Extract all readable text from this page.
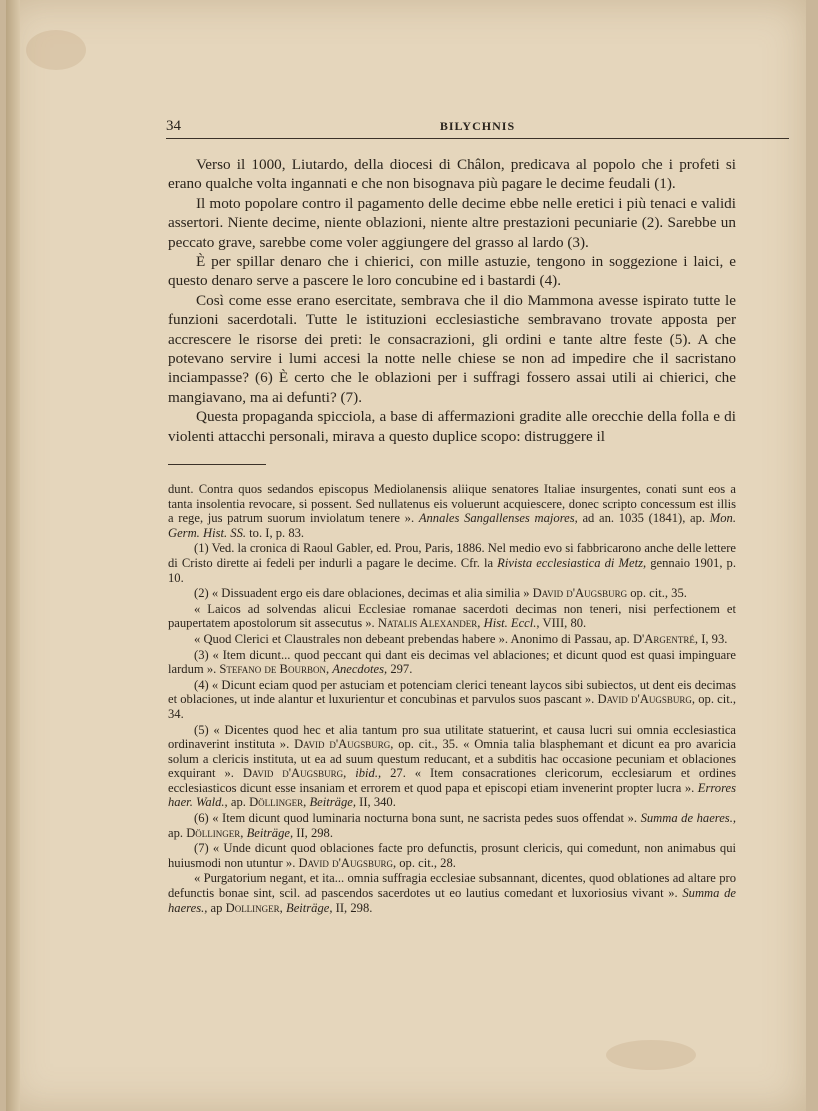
34	BILYCHNIS

Verso il 1000, Liutardo, della diocesi di Châlon, predicava al popolo che i profeti si erano qualche volta ingannati e che non bisognava più pagare le decime feudali (1).

Il moto popolare contro il pagamento delle decime ebbe nelle eretici i più tenaci e validi assertori. Niente decime, niente oblazioni, niente altre prestazioni pecuniarie (2). Sarebbe un peccato grave, sarebbe come voler aggiungere del grasso al lardo (3).

È per spillar denaro che i chierici, con mille astuzie, tengono in soggezione i laici, e questo denaro serve a pascere le loro concubine ed i bastardi (4).

Così come esse erano esercitate, sembrava che il dio Mammona avesse ispirato tutte le funzioni sacerdotali. Tutte le istituzioni ecclesiastiche sembravano trovate apposta per accrescere le risorse dei preti: le consacrazioni, gli ordini e tante altre feste (5). A che potevano servire i lumi accesi la notte nelle chiese se non ad impedire che il sacristano inciampasse? (6) È certo che le oblazioni per i suffragi fossero assai utili ai chierici, che mangiavano, ma ai defunti? (7).

Questa propaganda spicciola, a base di affermazioni gradite alle orecchie della folla e di violenti attacchi personali, mirava a questo duplice scopo: distruggere il

dunt. Contra quos sedandos episcopus Mediolanensis aliique senatores Italiae insurgentes, conati sunt eos a tanta insolentia revocare, si possent. Sed nullatenus eis voluerunt acquiescere, donec scripto concessum est illis a rege, jus patrum suorum inviolatum tenere ». Annales Sangallenses majores, ad an. 1035 (1841), ap. Mon. Germ. Hist. SS. to. I, p. 83.

(1) Ved. la cronica di Raoul Gabler, ed. Prou, Paris, 1886. Nel medio evo si fabbricarono anche delle lettere di Cristo dirette ai fedeli per indurli a pagare le decime. Cfr. la Rivista ecclesiastica di Metz, gennaio 1901, p. 10.

(2) « Dissuadent ergo eis dare oblaciones, decimas et alia similia » David d'Augsburg op. cit., 35.

« Laicos ad solvendas alicui Ecclesiae romanae sacerdoti decimas non teneri, nisi perfectionem et paupertatem apostolorum sit assecutus ». Natalis Alexander, Hist. Eccl., VIII, 80.

« Quod Clerici et Claustrales non debeant prebendas habere ». Anonimo di Passau, ap. D'Argentré, I, 93.

(3) « Item dicunt... quod peccant qui dant eis decimas vel ablaciones; et dicunt quod est quasi impinguare lardum ». Stefano de Bourbon, Anecdotes, 297.

(4) « Dicunt eciam quod per astuciam et potenciam clerici teneant laycos sibi subiectos, ut dent eis decimas et oblaciones, ut inde alantur et luxurientur et concubinas et parvulos suos pascant ». David d'Augsburg, op. cit., 34.

(5) « Dicentes quod hec et alia tantum pro sua utilitate statuerint, et causa lucri sui omnia ecclesiastica ordinaverint instituta ». David d'Augsburg, op. cit., 35. « Omnia talia blasphemant et dicunt ea pro avaricia solum a clericis instituta, ut ea ad suum questum reducant, et a subditis hac occasione pecuniam et oblaciones exquirant ». David d'Augsburg, ibid., 27. « Item consacrationes clericorum, ecclesiarum et ordines ecclesiasticos dicunt esse insaniam et errorem et quod papa et episcopi etiam invenerint propter lucra ». Errores haer. Wald., ap. Döllinger, Beiträge, II, 340.

(6) « Item dicunt quod luminaria nocturna bona sunt, ne sacrista pedes suos offendat ». Summa de haeres., ap. Döllinger, Beiträge, II, 298.

(7) « Unde dicunt quod oblaciones facte pro defunctis, prosunt clericis, qui comedunt, non animabus qui huiusmodi non utuntur ». David d'Augsburg, op. cit., 28.

« Purgatorium negant, et ita... omnia suffragia ecclesiae subsannant, dicentes, quod oblationes ad altare pro defunctis bonae sint, scil. ad pascendos sacerdotes ut eo lautius comedant et luxoriosius vivant ». Summa de haeres., ap Dollinger, Beiträge, II, 298.
